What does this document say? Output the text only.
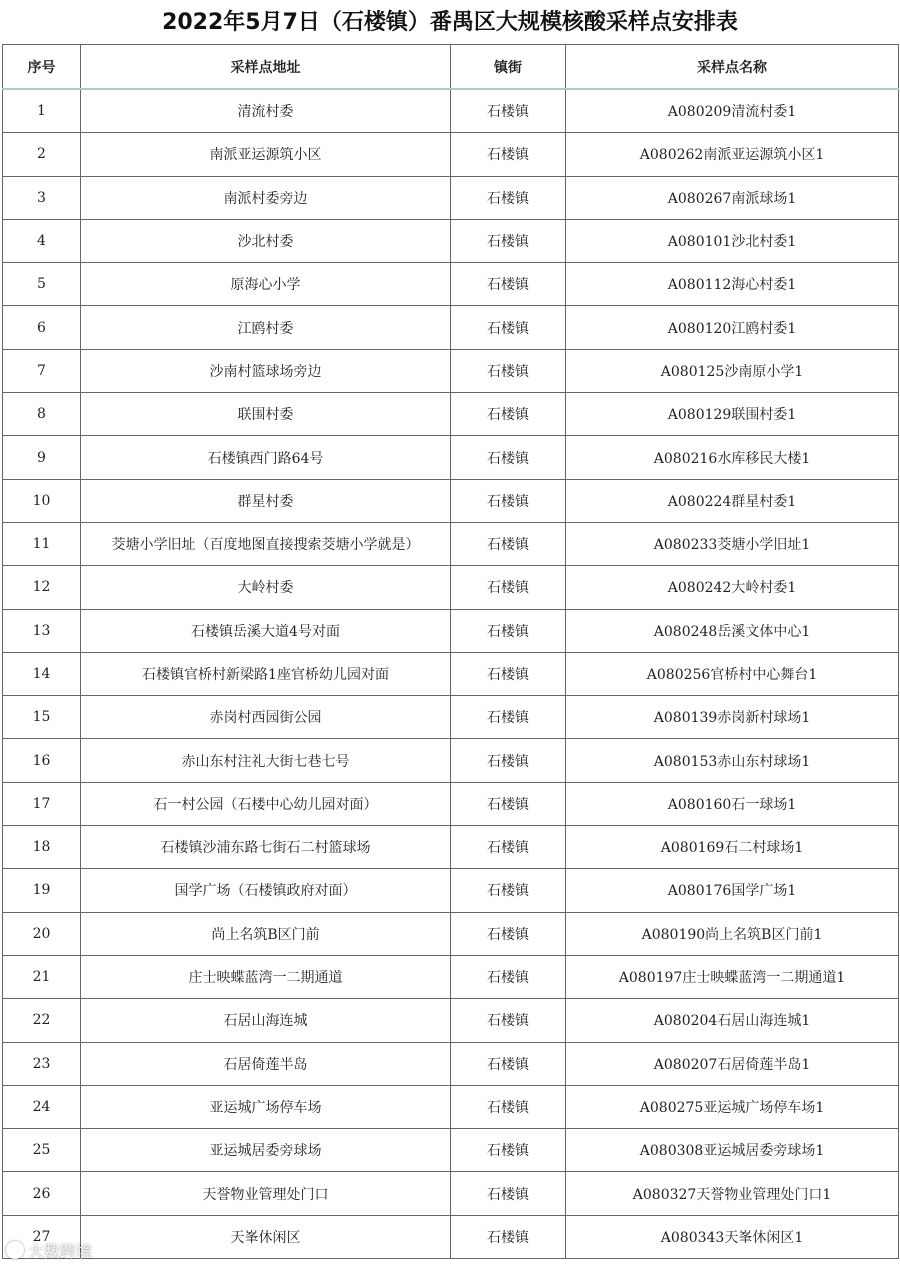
2022年5月7日（石楼镇）番禺区大规模核酸采样点安排表
序号	采样点地址	镇街	采样点名称
1	清流村委	石楼镇	A080209清流村委1
2	南派亚运源筑小区	石楼镇	A080262南派亚运源筑小区1
3	南派村委旁边	石楼镇	A080267南派球场1
4	沙北村委	石楼镇	A080101沙北村委1
5	原海心小学	石楼镇	A080112海心村委1
6	江鸥村委	石楼镇	A080120江鸥村委1
7	沙南村篮球场旁边	石楼镇	A080125沙南原小学1
8	联围村委	石楼镇	A080129联围村委1
9	石楼镇西门路64号	石楼镇	A080216水库移民大楼1
10	群星村委	石楼镇	A080224群星村委1
11	茭塘小学旧址（百度地图直接搜索茭塘小学就是）	石楼镇	A080233茭塘小学旧址1
12	大岭村委	石楼镇	A080242大岭村委1
13	石楼镇岳溪大道4号对面	石楼镇	A080248岳溪文体中心1
14	石楼镇官桥村新梁路1座官桥幼儿园对面	石楼镇	A080256官桥村中心舞台1
15	赤岗村西园街公园	石楼镇	A080139赤岗新村球场1
16	赤山东村注礼大街七巷七号	石楼镇	A080153赤山东村球场1
17	石一村公园（石楼中心幼儿园对面）	石楼镇	A080160石一球场1
18	石楼镇沙浦东路七街石二村篮球场	石楼镇	A080169石二村球场1
19	国学广场（石楼镇政府对面）	石楼镇	A080176国学广场1
20	尚上名筑B区门前	石楼镇	A080190尚上名筑B区门前1
21	庄士映蝶蓝湾一二期通道	石楼镇	A080197庄士映蝶蓝湾一二期通道1
22	石居山海连城	石楼镇	A080204石居山海连城1
23	石居倚莲半岛	石楼镇	A080207石居倚莲半岛1
24	亚运城广场停车场	石楼镇	A080275亚运城广场停车场1
25	亚运城居委旁球场	石楼镇	A080308亚运城居委旁球场1
26	天誉物业管理处门口	石楼镇	A080327天誉物业管理处门口1
27	天峯休闲区	石楼镇	A080343天峯休闲区1
大数跨境
